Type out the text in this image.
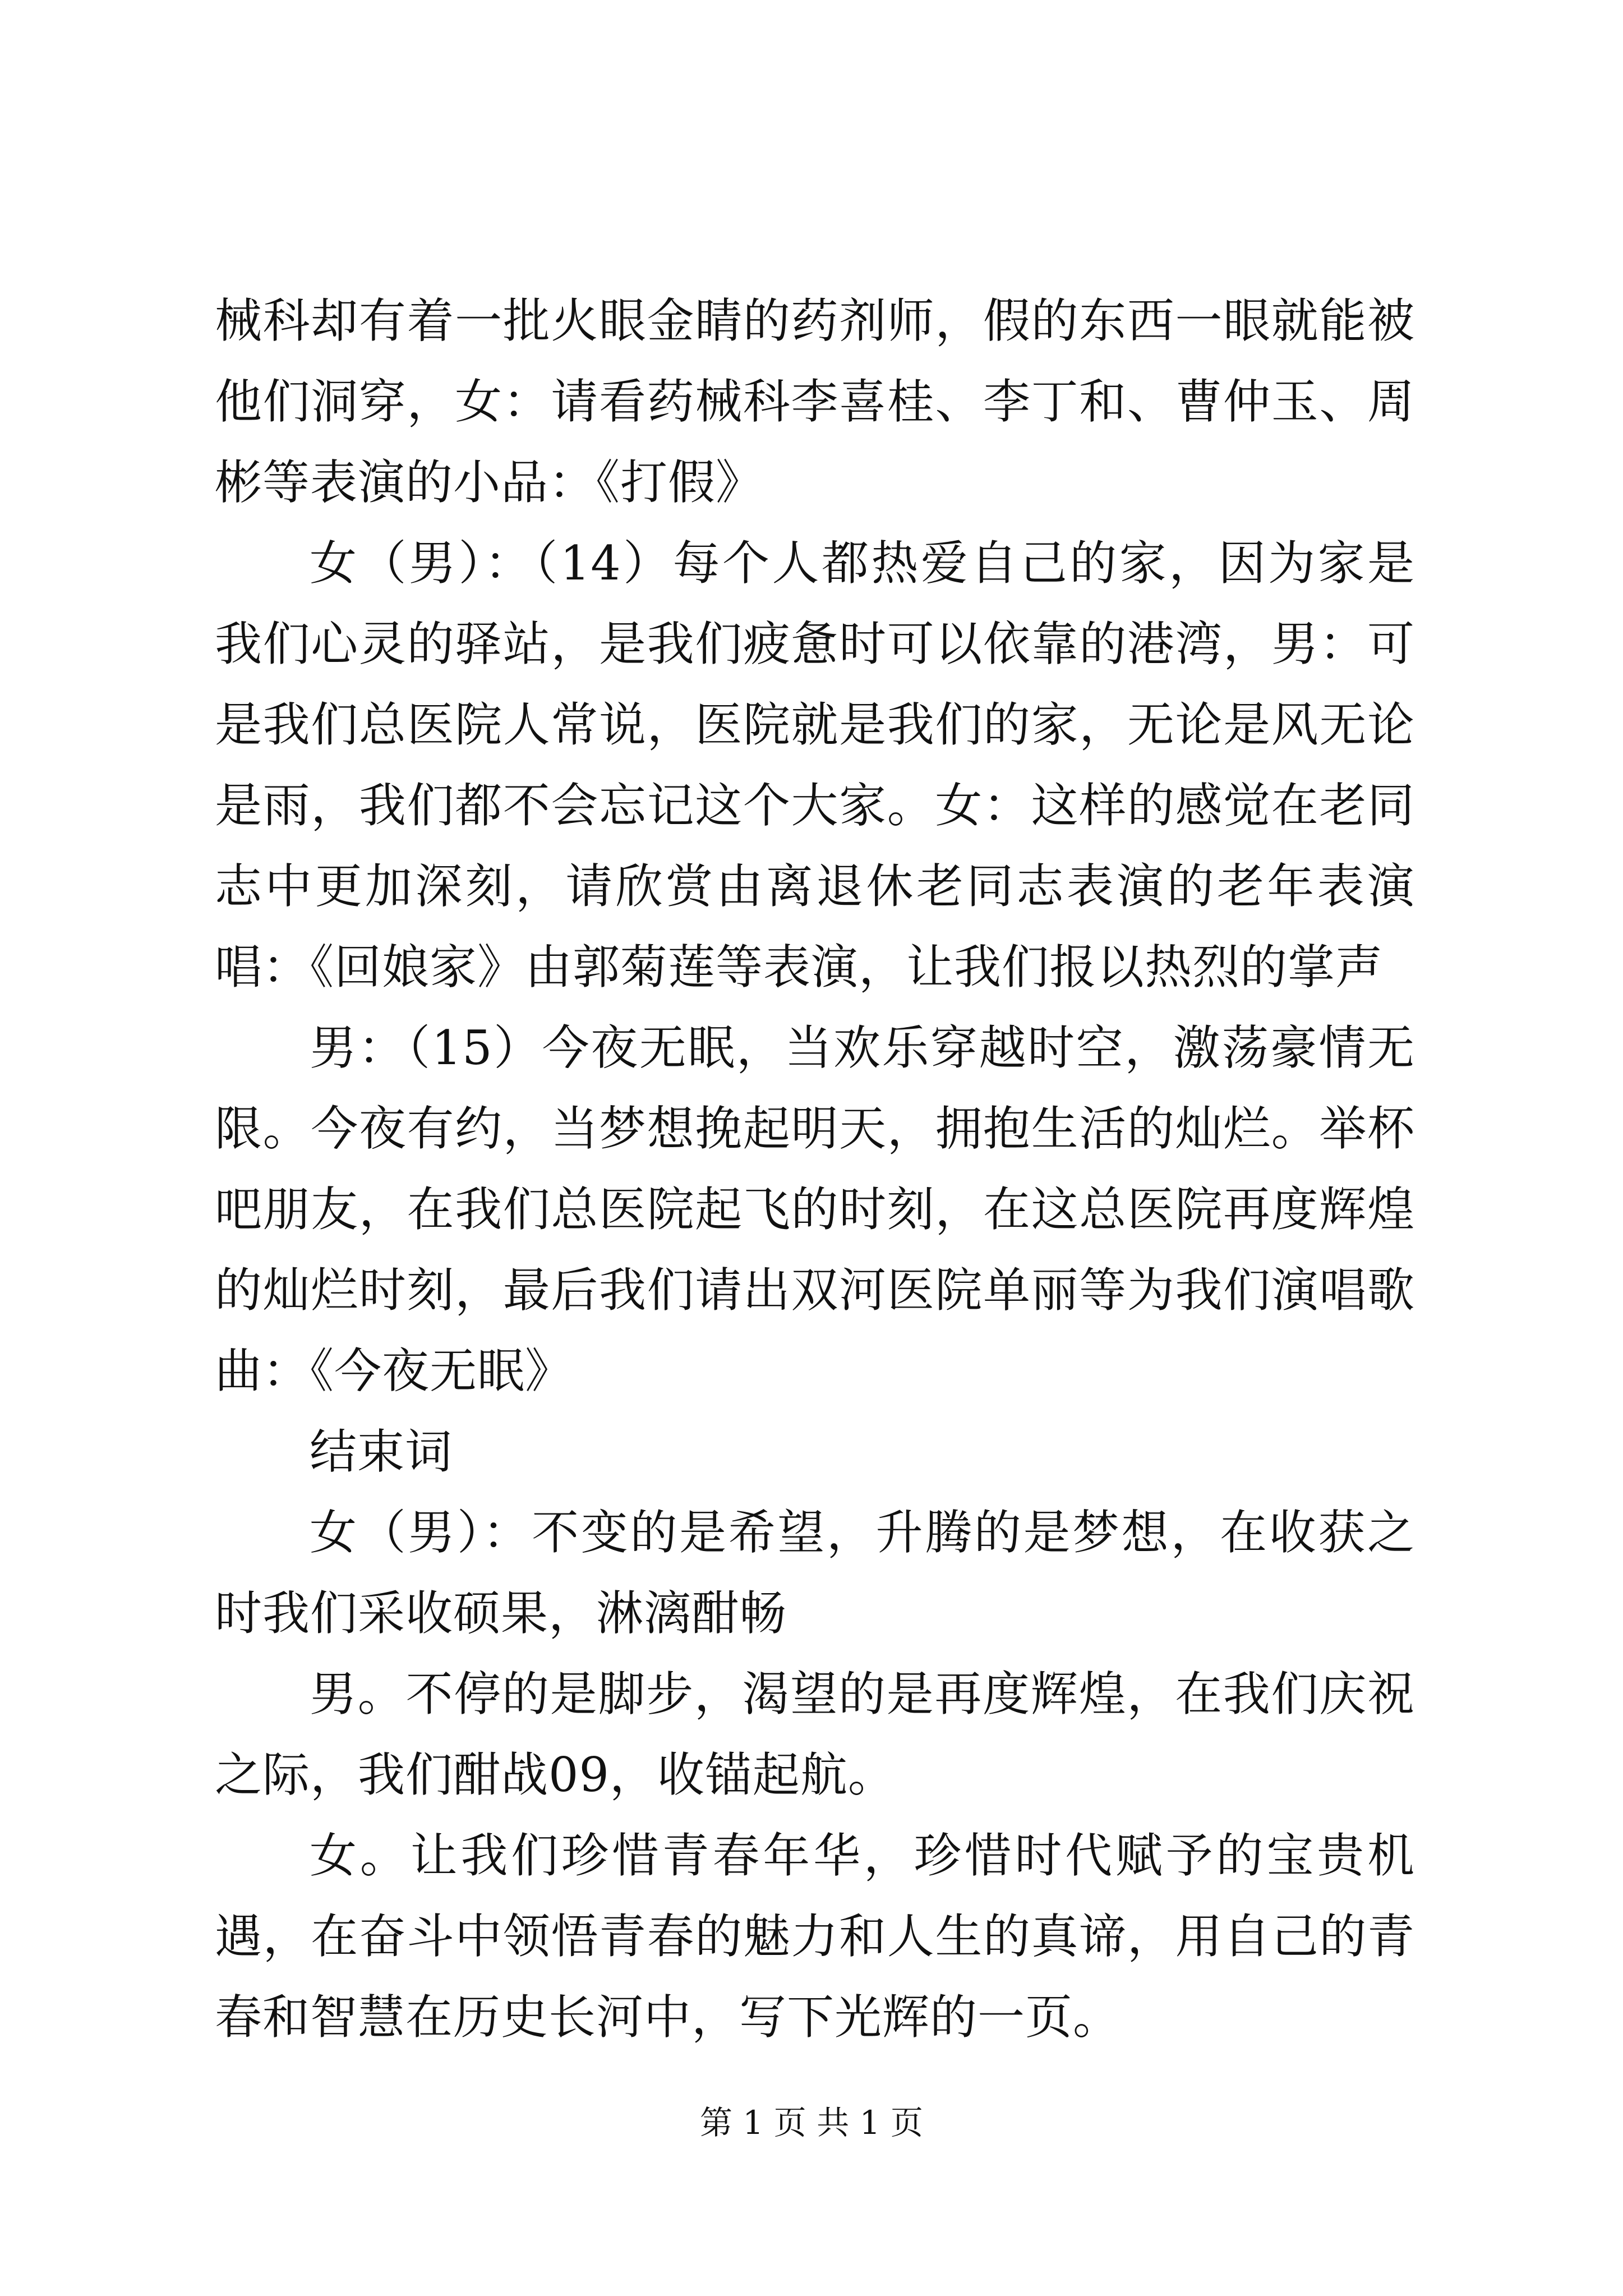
械科却有着一批火眼金睛的药剂师，假的东西一眼就能被他们洞穿，女：请看药械科李喜桂、李丁和、曹仲玉、周彬等表演的小品：《打假》

女（男）：（14）每个人都热爱自己的家，因为家是我们心灵的驿站，是我们疲惫时可以依靠的港湾，男：可是我们总医院人常说，医院就是我们的家，无论是风无论是雨，我们都不会忘记这个大家。女：这样的感觉在老同志中更加深刻，请欣赏由离退休老同志表演的老年表演唱：《回娘家》由郭菊莲等表演，让我们报以热烈的掌声

男：（15）今夜无眠，当欢乐穿越时空，激荡豪情无限。今夜有约，当梦想挽起明天，拥抱生活的灿烂。举杯吧朋友，在我们总医院起飞的时刻，在这总医院再度辉煌的灿烂时刻，最后我们请出双河医院单丽等为我们演唱歌曲：《今夜无眠》

结束词

女（男）：不变的是希望，升腾的是梦想，在收获之时我们采收硕果，淋漓酣畅

男。不停的是脚步，渴望的是再度辉煌，在我们庆祝之际，我们酣战09，收锚起航。

女。让我们珍惜青春年华，珍惜时代赋予的宝贵机遇，在奋斗中领悟青春的魅力和人生的真谛，用自己的青春和智慧在历史长河中，写下光辉的一页。

第 1 页 共 1 页
